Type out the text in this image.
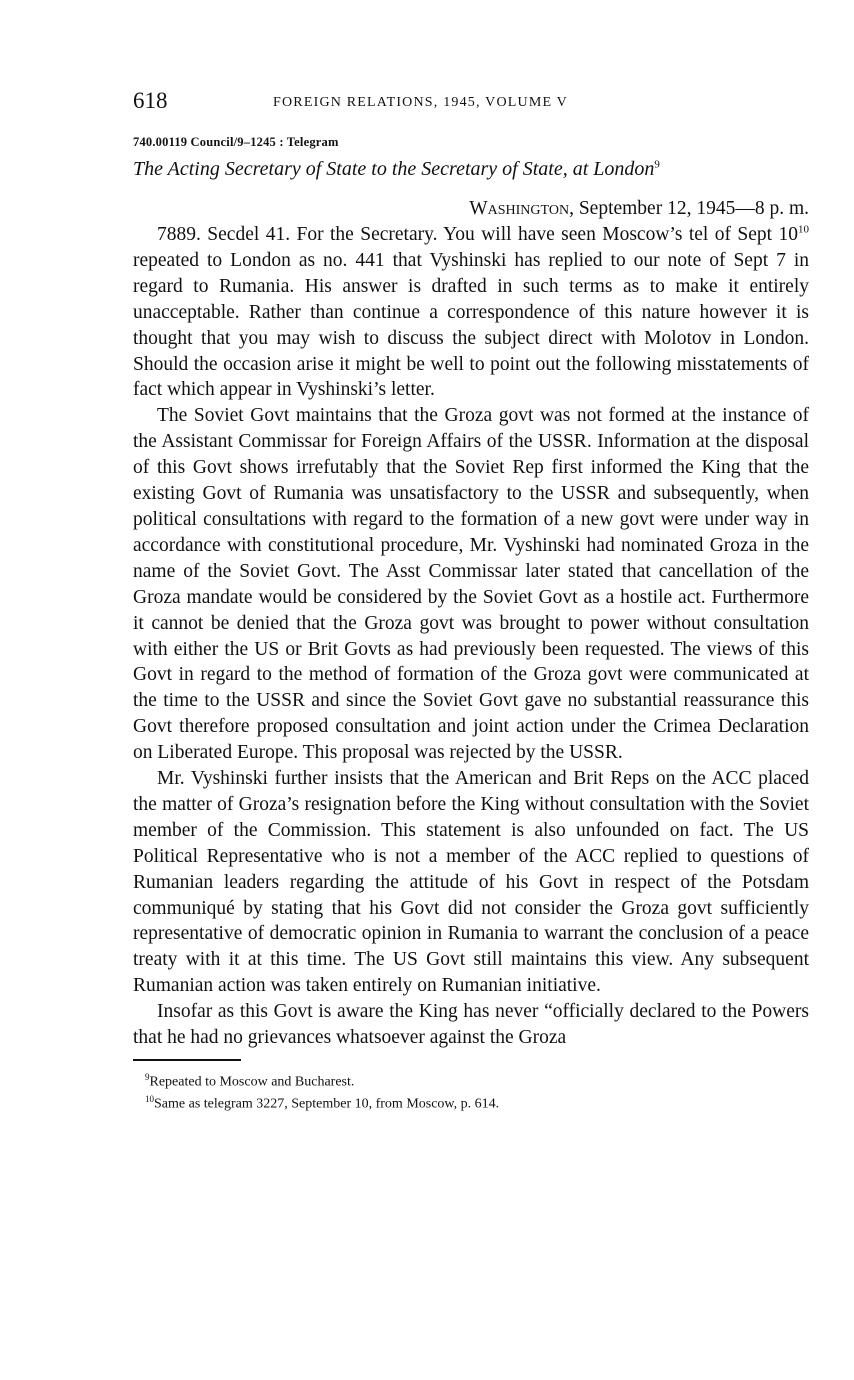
618	FOREIGN RELATIONS, 1945, VOLUME V
740.00119 Council/9–1245 : Telegram
The Acting Secretary of State to the Secretary of State, at London$^9$
Washington, September 12, 1945—8 p. m.

7889. Secdel 41. For the Secretary. You will have seen Moscow’s tel of Sept 10$^{10}$ repeated to London as no. 441 that Vyshinski has replied to our note of Sept 7 in regard to Rumania. His answer is drafted in such terms as to make it entirely unacceptable. Rather than continue a correspondence of this nature however it is thought that you may wish to discuss the subject direct with Molotov in London. Should the occasion arise it might be well to point out the following misstatements of fact which appear in Vyshinski’s letter.

The Soviet Govt maintains that the Groza govt was not formed at the instance of the Assistant Commissar for Foreign Affairs of the USSR. Information at the disposal of this Govt shows irrefutably that the Soviet Rep first informed the King that the existing Govt of Rumania was unsatisfactory to the USSR and subsequently, when political consultations with regard to the formation of a new govt were under way in accordance with constitutional procedure, Mr. Vyshinski had nominated Groza in the name of the Soviet Govt. The Asst Commissar later stated that cancellation of the Groza mandate would be considered by the Soviet Govt as a hostile act. Furthermore it cannot be denied that the Groza govt was brought to power without consultation with either the US or Brit Govts as had previously been requested. The views of this Govt in regard to the method of formation of the Groza govt were communicated at the time to the USSR and since the Soviet Govt gave no substantial reassurance this Govt therefore proposed consultation and joint action under the Crimea Declaration on Liberated Europe. This proposal was rejected by the USSR.

Mr. Vyshinski further insists that the American and Brit Reps on the ACC placed the matter of Groza’s resignation before the King without consultation with the Soviet member of the Commission. This statement is also unfounded on fact. The US Political Representative who is not a member of the ACC replied to questions of Rumanian leaders regarding the attitude of his Govt in respect of the Potsdam communiqué by stating that his Govt did not consider the Groza govt sufficiently representative of democratic opinion in Rumania to warrant the conclusion of a peace treaty with it at this time. The US Govt still maintains this view. Any subsequent Rumanian action was taken entirely on Rumanian initiative.

Insofar as this Govt is aware the King has never “officially declared to the Powers that he had no grievances whatsoever against the Groza

$^9$Repeated to Moscow and Bucharest.
$^{10}$Same as telegram 3227, September 10, from Moscow, p. 614.
